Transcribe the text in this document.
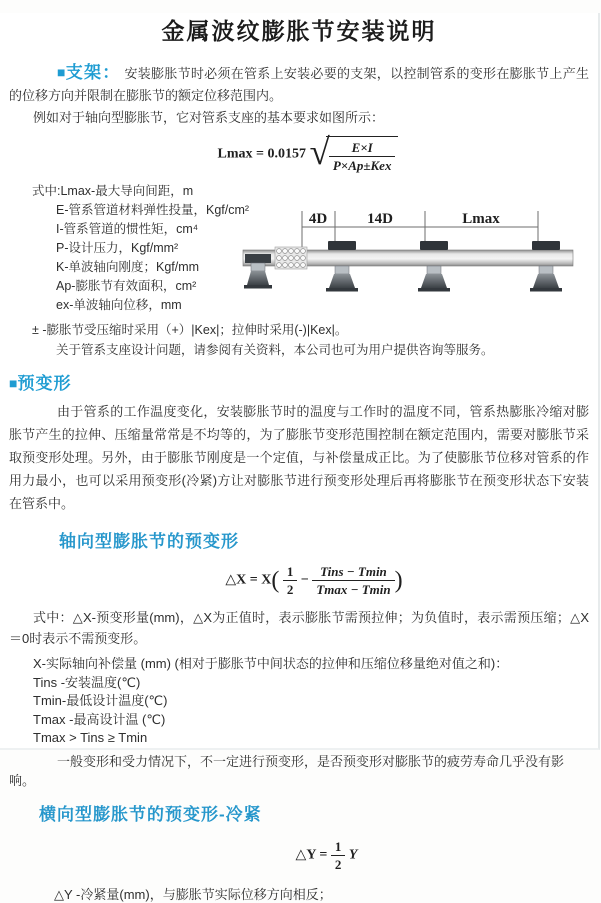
金属波纹膨胀节安装说明

■支架： 安装膨胀节时必须在管系上安装必要的支架，以控制管系的变形在膨胀节上产生的位移方向并限制在膨胀节的额定位移范围内。

例如对于轴向型膨胀节，它对管系支座的基本要求如图所示：

Lmax = 0.0157 √ $\frac{E\times I}{\text{P×Ap±Kex}}$

式中:Lmax-最大导向间距，m

E-管系管道材料弹性投量，Kgf/cm²

I-管系管道的惯性矩，cm⁴

P-设计压力，Kgf/mm²

K-单波轴向刚度；Kgf/mm

Ap-膨胀节有效面积，cm²

ex-单波轴向位移，mm

4D	14D	Lmax

± -膨胀节受压缩时采用（+）|Kex|；拉伸时采用(-)|Kex|。

关于管系支座设计问题，请参阅有关资料，本公司也可为用户提供咨询等服务。

■预变形

由于管系的工作温度变化，安装膨胀节时的温度与工作时的温度不同，管系热膨胀冷缩对膨胀节产生的拉伸、压缩量常常是不均等的，为了膨胀节变形范围控制在额定范围内，需要对膨胀节采取预变形处理。另外，由于膨胀节刚度是一个定值，与补偿量成正比。为了使膨胀节位移对管系的作用力最小，也可以采用预变形(冷紧)方让对膨胀节进行预变形处理后再将膨胀节在预变形状态下安装在管系中。

轴向型膨胀节的预变形

△X = $X( \frac{1}{2} - \frac{\text{Tins − Tmin}}{Tmax - Tmin}$ )

式中：△X-预变形量(mm)，△X为正值时，表示膨胀节需预拉伸；为负值时，表示需预压缩；△X＝0时表示不需预变形。

X-实际轴向补偿量 (mm) (相对于膨胀节中间状态的拉伸和压缩位移量绝对值之和)：

Tins -安装温度(℃)

Tmin-最低设计温度(℃)

Tmax -最高设计温 (℃)

Tmax > Tins ≥ Tmin

一般变形和受力情况下，不一定进行预变形，是否预变形对膨胀节的疲劳寿命几乎没有影响。

横向型膨胀节的预变形-冷紧

△Y = $\frac{1}{2}$ Y

△Y -冷紧量(mm)，与膨胀节实际位移方向相反；
